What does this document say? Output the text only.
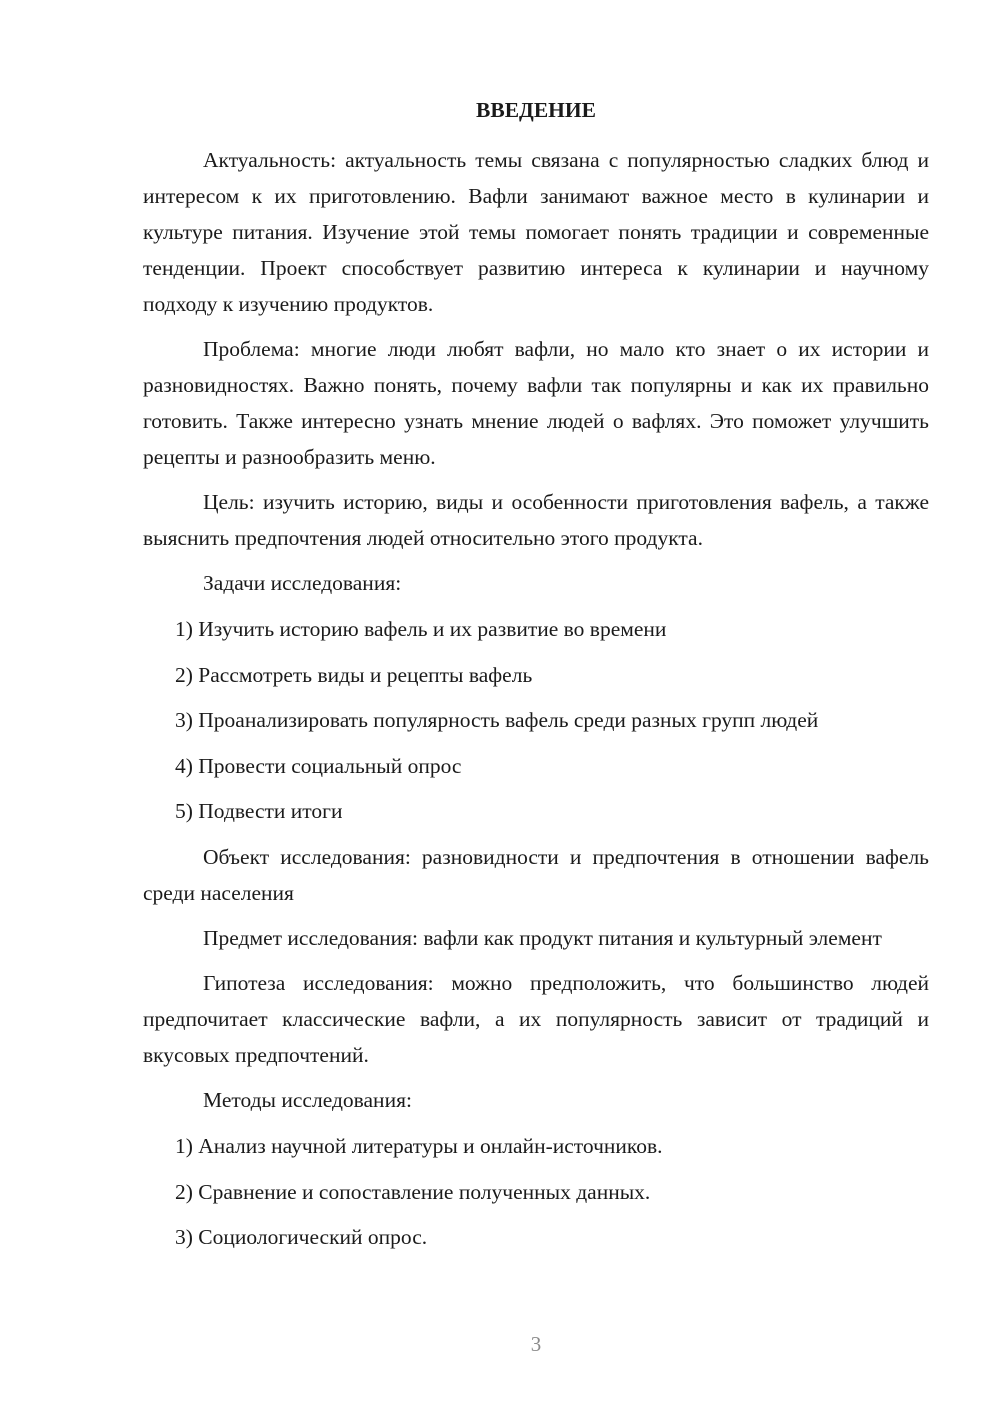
ВВЕДЕНИЕ

Актуальность: актуальность темы связана с популярностью сладких блюд и интересом к их приготовлению. Вафли занимают важное место в кулинарии и культуре питания. Изучение этой темы помогает понять традиции и современные тенденции. Проект способствует развитию интереса к кулинарии и научному подходу к изучению продуктов.

Проблема: многие люди любят вафли, но мало кто знает о их истории и разновидностях. Важно понять, почему вафли так популярны и как их правильно готовить. Также интересно узнать мнение людей о вафлях. Это поможет улучшить рецепты и разнообразить меню.

Цель: изучить историю, виды и особенности приготовления вафель, а также выяснить предпочтения людей относительно этого продукта.

Задачи исследования:

1) Изучить историю вафель и их развитие во времени
2) Рассмотреть виды и рецепты вафель
3) Проанализировать популярность вафель среди разных групп людей
4) Провести социальный опрос
5) Подвести итоги

Объект исследования: разновидности и предпочтения в отношении вафель среди населения

Предмет исследования: вафли как продукт питания и культурный элемент

Гипотеза исследования: можно предположить, что большинство людей предпочитает классические вафли, а их популярность зависит от традиций и вкусовых предпочтений.

Методы исследования:

1) Анализ научной литературы и онлайн-источников.
2) Сравнение и сопоставление полученных данных.
3) Социологический опрос.
3
